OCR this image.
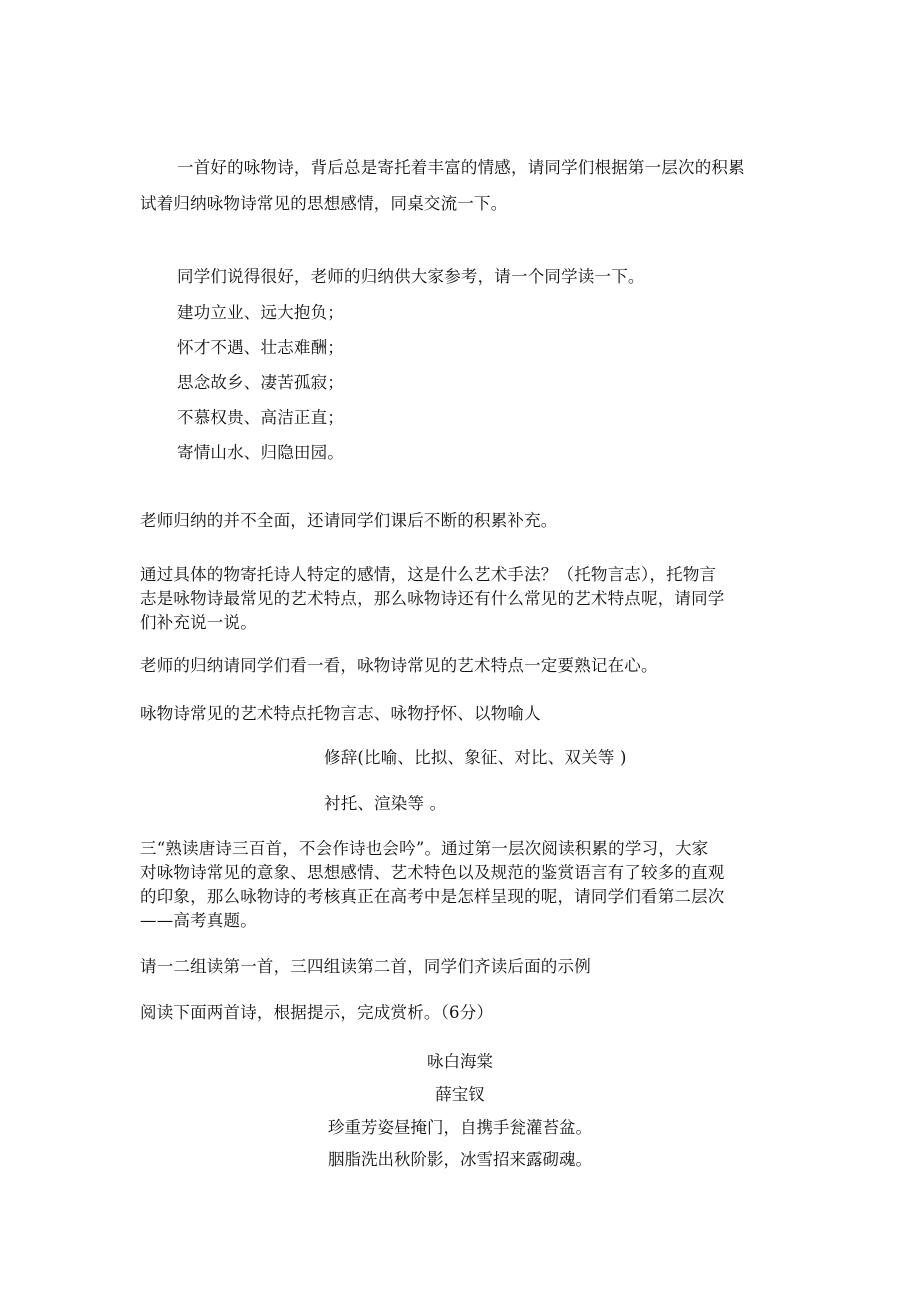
一首好的咏物诗，背后总是寄托着丰富的情感，请同学们根据第一层次的积累
试着归纳咏物诗常见的思想感情，同桌交流一下。
同学们说得很好，老师的归纳供大家参考，请一个同学读一下。
建功立业、远大抱负；
怀才不遇、壮志难酬；
思念故乡、凄苦孤寂；
不慕权贵、高洁正直；
寄情山水、归隐田园。
老师归纳的并不全面，还请同学们课后不断的积累补充。
通过具体的物寄托诗人特定的感情，这是什么艺术手法？（托物言志），托物言
志是咏物诗最常见的艺术特点，那么咏物诗还有什么常见的艺术特点呢，请同学
们补充说一说。
老师的归纳请同学们看一看，咏物诗常见的艺术特点一定要熟记在心。
咏物诗常见的艺术特点托物言志、咏物抒怀、以物喻人
修辞(比喻、比拟、象征、对比、双关等 )
衬托、渲染等 。
三“熟读唐诗三百首，不会作诗也会吟”。通过第一层次阅读积累的学习，大家
对咏物诗常见的意象、思想感情、艺术特色以及规范的鉴赏语言有了较多的直观
的印象，那么咏物诗的考核真正在高考中是怎样呈现的呢，请同学们看第二层次
——高考真题。
请一二组读第一首，三四组读第二首，同学们齐读后面的示例
阅读下面两首诗，根据提示，完成赏析。（6分）
咏白海棠
薛宝钗
珍重芳姿昼掩门，自携手瓮灌苔盆。
胭脂洗出秋阶影，冰雪招来露砌魂。
